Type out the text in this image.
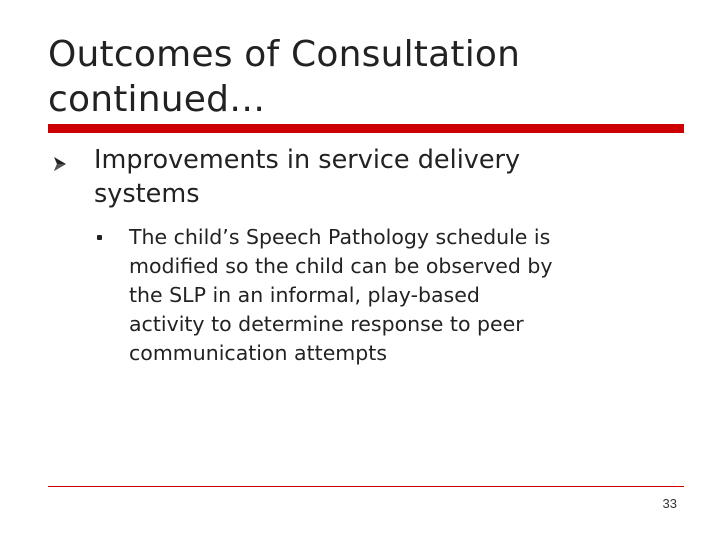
Outcomes of Consultation
continued…
Improvements in service delivery
systems
The child’s Speech Pathology schedule is
modified so the child can be observed by
the SLP in an informal, play-based
activity to determine response to peer
communication attempts
33
